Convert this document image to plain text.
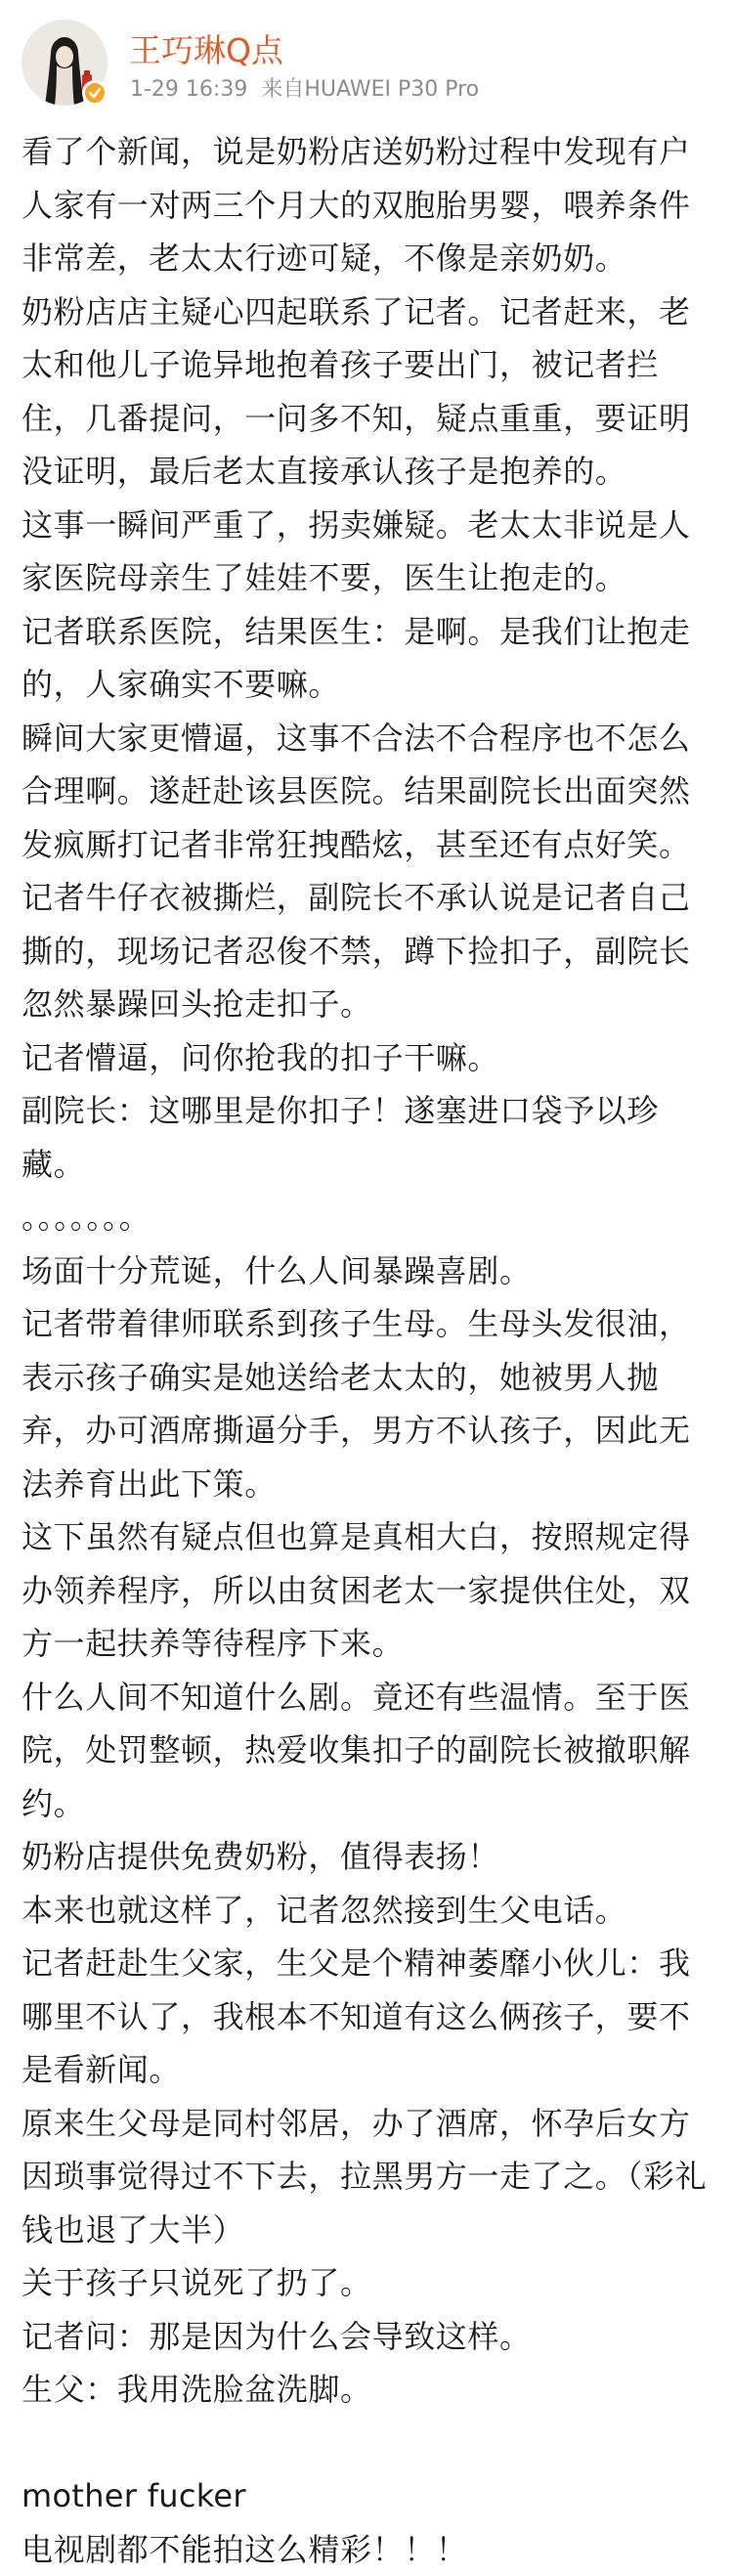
王巧琳Q点
1-29 16:39 来自HUAWEI P30 Pro

看了个新闻，说是奶粉店送奶粉过程中发现有户人家有一对两三个月大的双胞胎男婴，喂养条件非常差，老太太行迹可疑，不像是亲奶奶。

奶粉店店主疑心四起联系了记者。记者赶来，老太和他儿子诡异地抱着孩子要出门，被记者拦住，几番提问，一问多不知，疑点重重，要证明没证明，最后老太直接承认孩子是抱养的。

这事一瞬间严重了，拐卖嫌疑。老太太非说是人家医院母亲生了娃娃不要，医生让抱走的。

记者联系医院，结果医生：是啊。是我们让抱走的，人家确实不要嘛。

瞬间大家更懵逼，这事不合法不合程序也不怎么合理啊。遂赶赴该县医院。结果副院长出面突然发疯厮打记者非常狂拽酷炫，甚至还有点好笑。

记者牛仔衣被撕烂，副院长不承认说是记者自己撕的，现场记者忍俊不禁，蹲下捡扣子，副院长忽然暴躁回头抢走扣子。

记者懵逼，问你抢我的扣子干嘛。

副院长：这哪里是你扣子！遂塞进口袋予以珍藏。

。。。。。。。

场面十分荒诞，什么人间暴躁喜剧。

记者带着律师联系到孩子生母。生母头发很油，表示孩子确实是她送给老太太的，她被男人抛弃，办可酒席撕逼分手，男方不认孩子，因此无法养育出此下策。

这下虽然有疑点但也算是真相大白，按照规定得办领养程序，所以由贫困老太一家提供住处，双方一起扶养等待程序下来。

什么人间不知道什么剧。竟还有些温情。至于医院，处罚整顿，热爱收集扣子的副院长被撤职解约。

奶粉店提供免费奶粉，值得表扬！

本来也就这样了，记者忽然接到生父电话。

记者赶赴生父家，生父是个精神萎靡小伙儿：我哪里不认了，我根本不知道有这么俩孩子，要不是看新闻。

原来生父母是同村邻居，办了酒席，怀孕后女方因琐事觉得过不下去，拉黑男方一走了之。（彩礼钱也退了大半）

关于孩子只说死了扔了。

记者问：那是因为什么会导致这样。

生父：我用洗脸盆洗脚。

mother fucker

电视剧都不能拍这么精彩！！！
